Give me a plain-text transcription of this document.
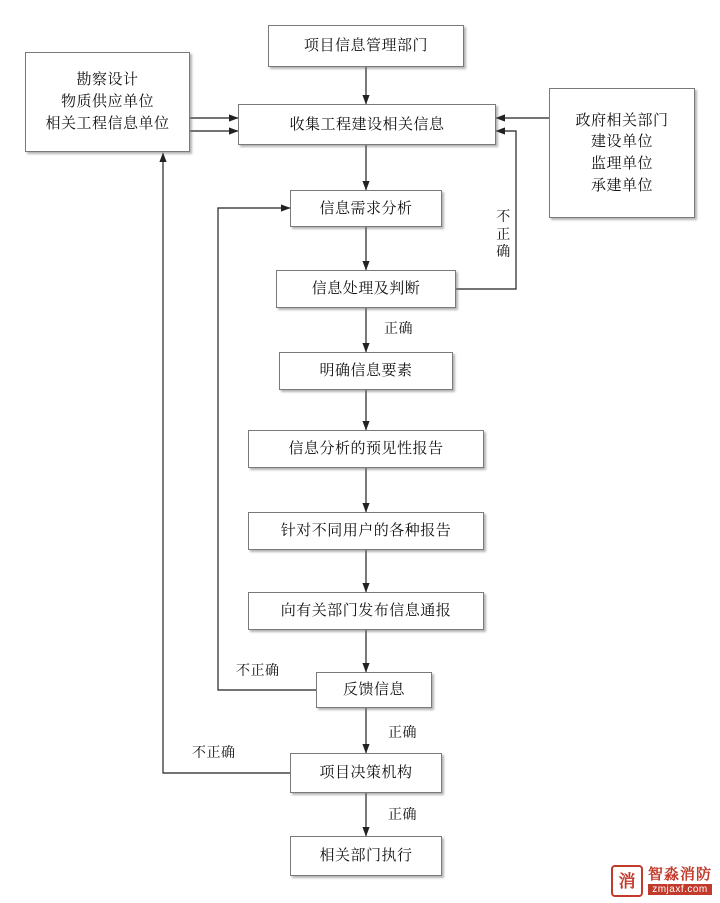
项目信息管理部门
勘察设计
物质供应单位
相关工程信息单位	政府相关部门
建设单位
监理单位
承建单位
收集工程建设相关信息
信息需求分析
信息处理及判断
明确信息要素
信息分析的预见性报告
针对不同用户的各种报告
向有关部门发布信息通报
反馈信息
项目决策机构
相关部门执行
不正确
正确
不正确
正确
不正确
正确
消 智淼消防
zmjaxf.com
